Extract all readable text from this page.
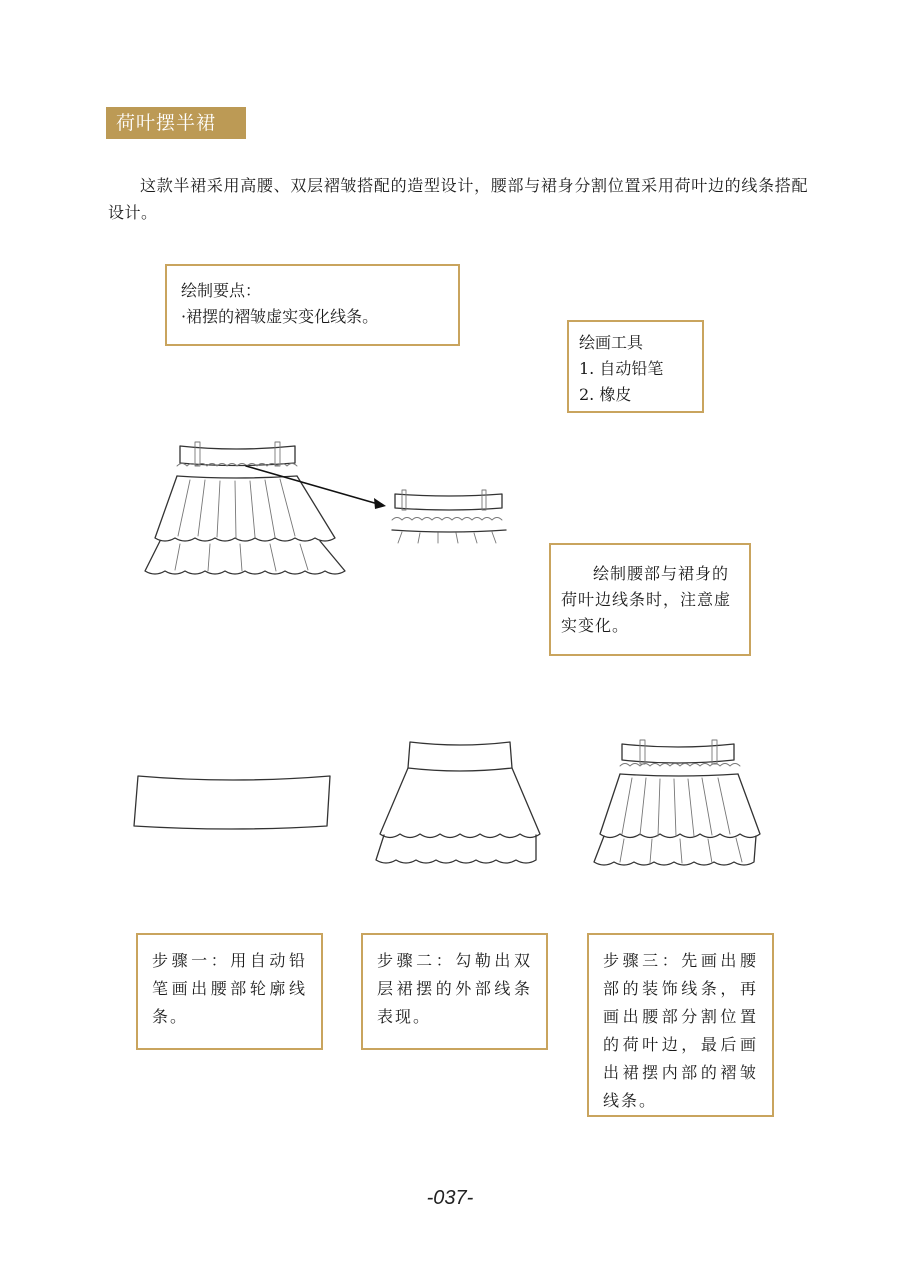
荷叶摆半裙

这款半裙采用高腰、双层褶皱搭配的造型设计，腰部与裙身分割位置采用荷叶边的线条搭配设计。

绘制要点：
·裙摆的褶皱虚实变化线条。
绘画工具
1. 自动铅笔
2. 橡皮

绘制腰部与裙身的荷叶边线条时，注意虚实变化。

步骤一：用自动铅笔画出腰部轮廓线条。

步骤二：勾勒出双层裙摆的外部线条表现。

步骤三：先画出腰部的装饰线条，再画出腰部分割位置的荷叶边，最后画出裙摆内部的褶皱线条。

-037-
